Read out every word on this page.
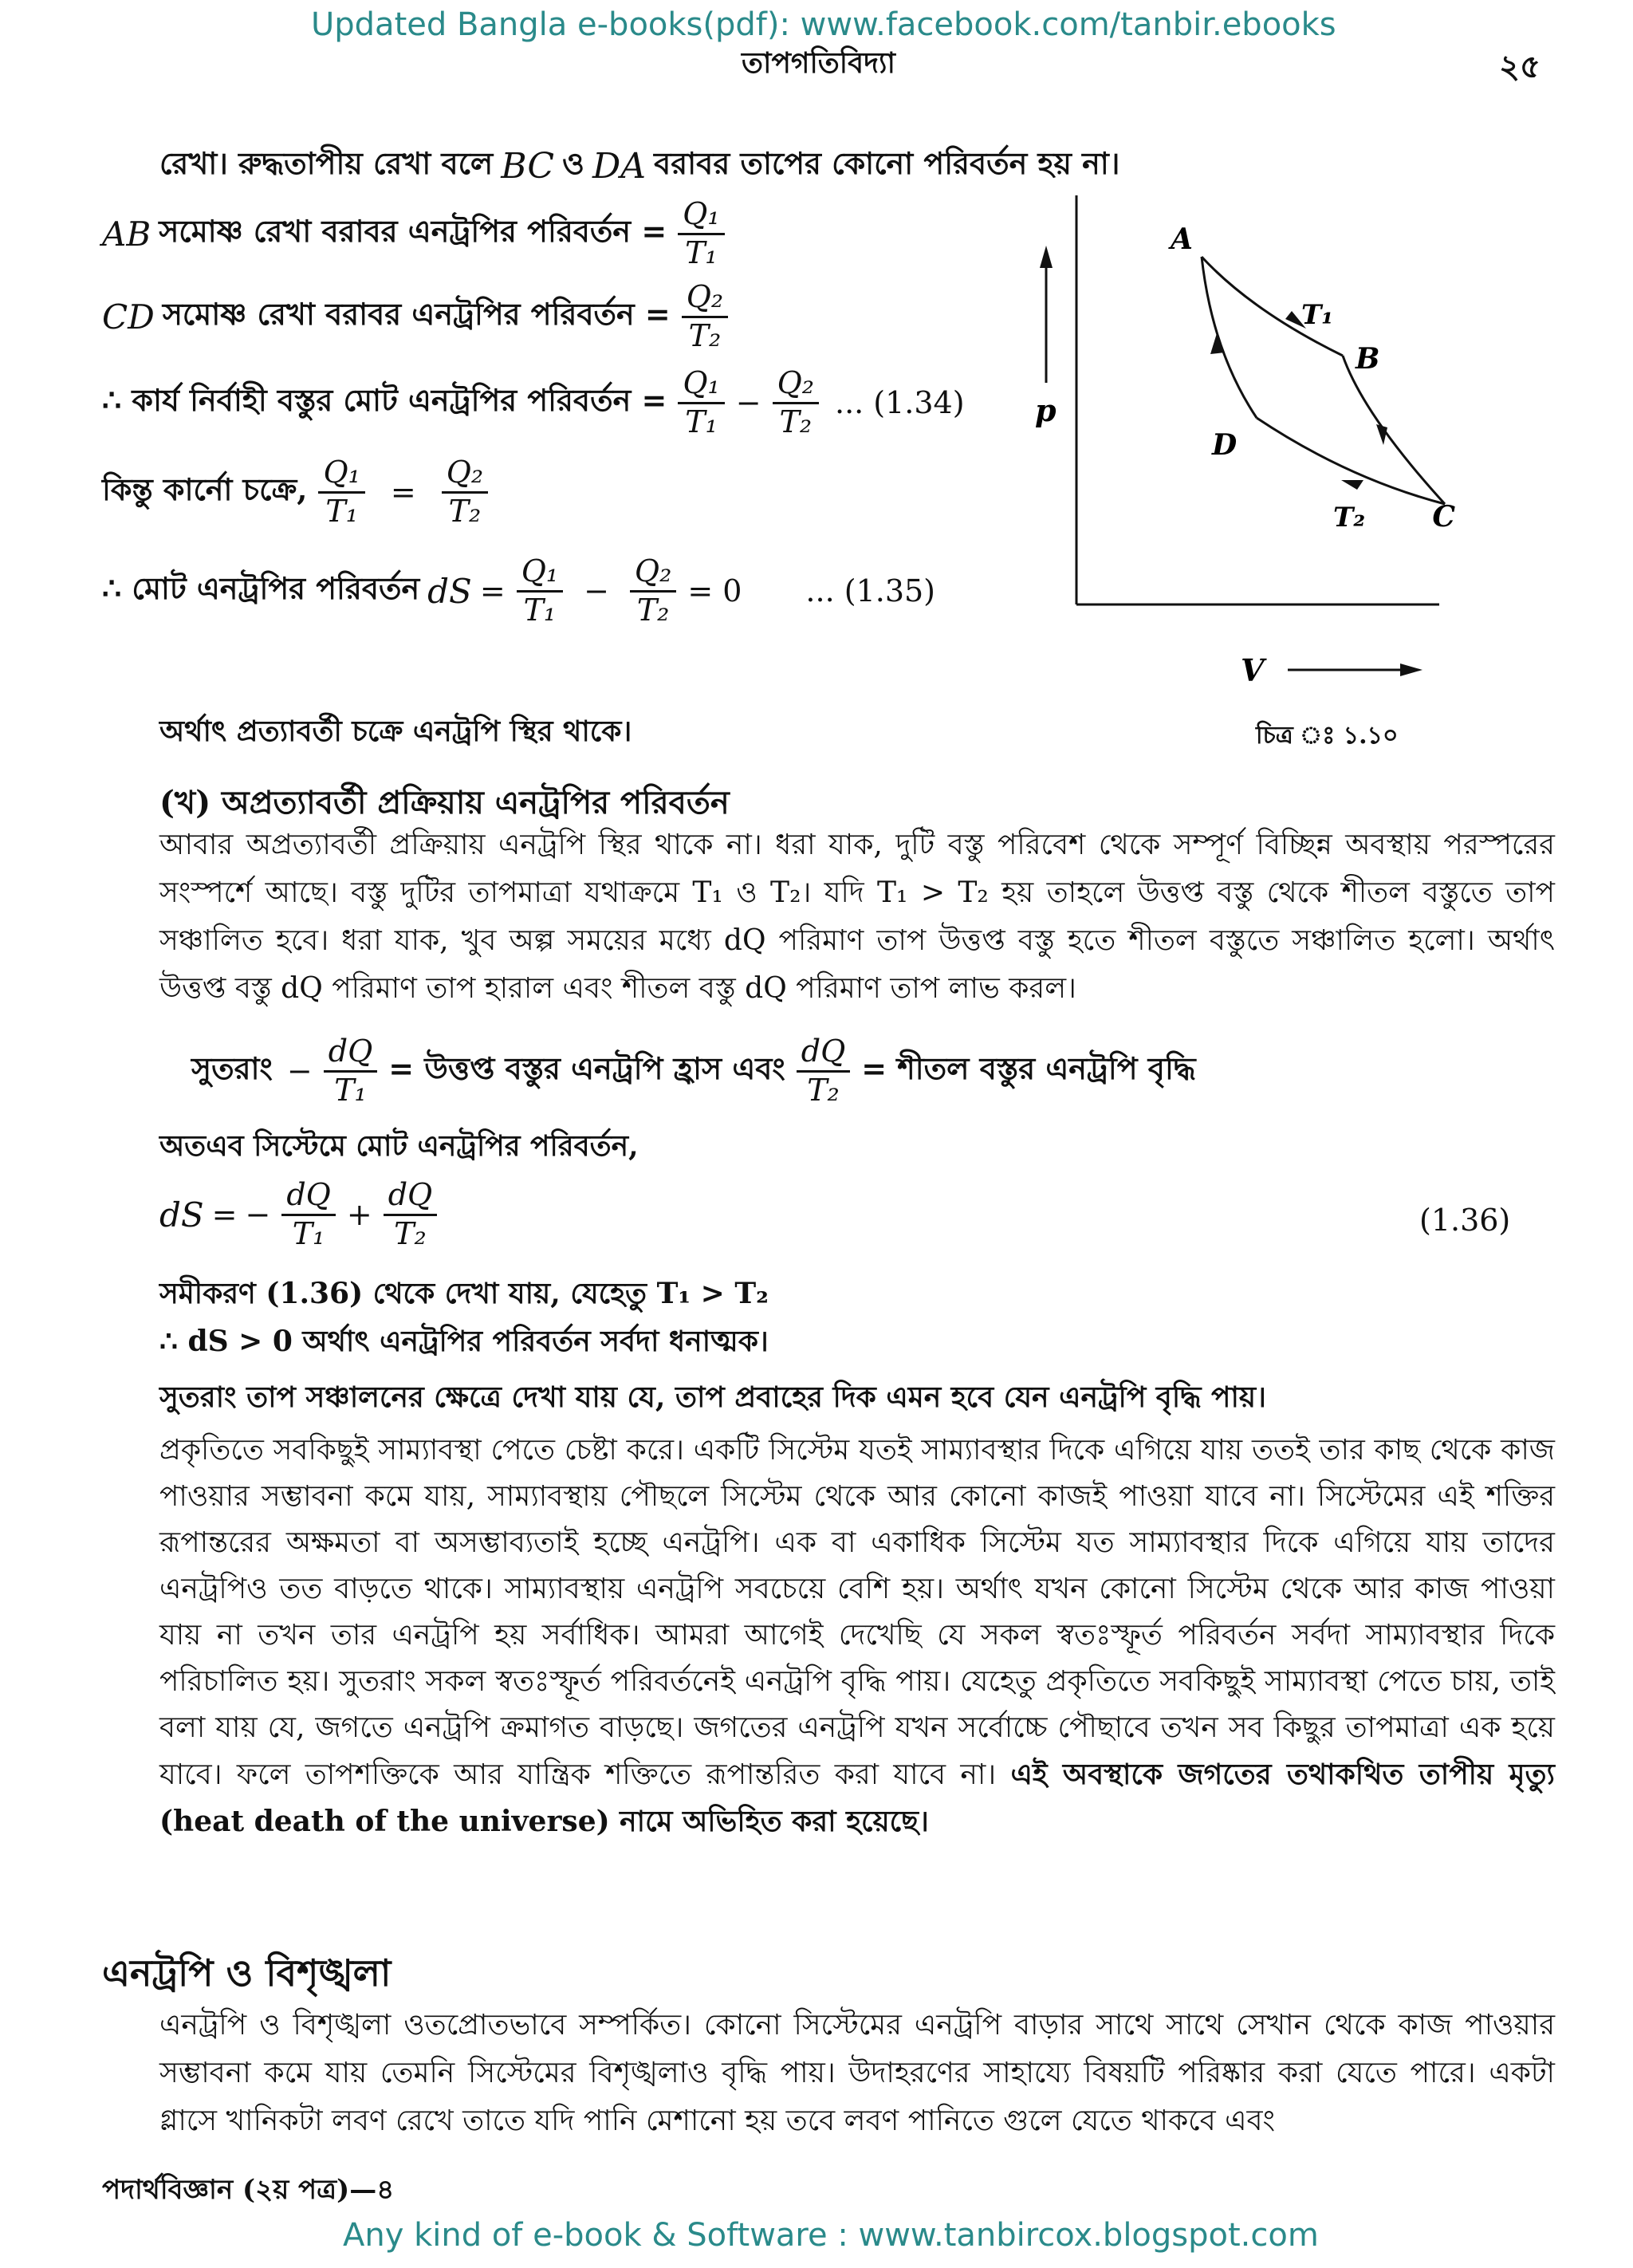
Updated Bangla e-books(pdf): www.facebook.com/tanbir.ebooks
তাপগতিবিদ্যা	২৫
রেখা। রুদ্ধতাপীয় রেখা বলে BC ও DA বরাবর তাপের কোনো পরিবর্তন হয় না।
AB সমোষ্ণ রেখা বরাবর এনট্রপির পরিবর্তন = $\frac{\text{Q₁}}{\text{T₁}}$
CD সমোষ্ণ রেখা বরাবর এনট্রপির পরিবর্তন = $\frac{\text{Q₂}}{\text{T₂}}$
∴ কার্য নির্বাহী বস্তুর মোট এনট্রপির পরিবর্তন = $\frac{\text{Q₁}}{\text{T₁}} - \frac{\text{Q₂}}{\text{T₂}}$ ... (1.34)
কিন্তু কার্নো চক্রে, $\frac{\text{Q₁}}{\text{T₁}} = \frac{\text{Q₂}}{\text{T₂}}$
∴ মোট এনট্রপির পরিবর্তন dS = $\frac{\text{Q₁}}{\text{T₁}} - \frac{\text{Q₂}}{\text{T₂}} = 0$ ... (1.35)
অর্থাৎ প্রত্যাবর্তী চক্রে এনট্রপি স্থির থাকে।
A
B
C
D
T₁
T₂
p
V
চিত্র ঃ ১.১০
(খ) অপ্রত্যাবর্তী প্রক্রিয়ায় এনট্রপির পরিবর্তন
আবার অপ্রত্যাবর্তী প্রক্রিয়ায় এনট্রপি স্থির থাকে না। ধরা যাক, দুটি বস্তু পরিবেশ থেকে সম্পূর্ণ বিচ্ছিন্ন অবস্থায় পরস্পরের সংস্পর্শে আছে। বস্তু দুটির তাপমাত্রা যথাক্রমে T₁ ও T₂। যদি T₁ > T₂ হয় তাহলে উত্তপ্ত বস্তু থেকে শীতল বস্তুতে তাপ সঞ্চালিত হবে। ধরা যাক, খুব অল্প সময়ের মধ্যে dQ পরিমাণ তাপ উত্তপ্ত বস্তু হতে শীতল বস্তুতে সঞ্চালিত হলো। অর্থাৎ উত্তপ্ত বস্তু dQ পরিমাণ তাপ হারাল এবং শীতল বস্তু dQ পরিমাণ তাপ লাভ করল।
সুতরাং − $\frac{dQ}{\text{T₁}}$ = উত্তপ্ত বস্তুর এনট্রপি হ্রাস এবং $\frac{dQ}{\text{T₂}}$ = শীতল বস্তুর এনট্রপি বৃদ্ধি
অতএব সিস্টেমে মোট এনট্রপির পরিবর্তন,
dS = − $\frac{dQ}{\text{T₁}} + \frac{dQ}{\text{T₂}}$	(1.36)
সমীকরণ (1.36) থেকে দেখা যায়, যেহেতু T₁ > T₂
∴ dS > 0 অর্থাৎ এনট্রপির পরিবর্তন সর্বদা ধনাত্মক।
সুতরাং তাপ সঞ্চালনের ক্ষেত্রে দেখা যায় যে, তাপ প্রবাহের দিক এমন হবে যেন এনট্রপি বৃদ্ধি পায়।
প্রকৃতিতে সবকিছুই সাম্যাবস্থা পেতে চেষ্টা করে। একটি সিস্টেম যতই সাম্যাবস্থার দিকে এগিয়ে যায় ততই তার কাছ থেকে কাজ পাওয়ার সম্ভাবনা কমে যায়, সাম্যাবস্থায় পৌছলে সিস্টেম থেকে আর কোনো কাজই পাওয়া যাবে না। সিস্টেমের এই শক্তির রূপান্তরের অক্ষমতা বা অসম্ভাব্যতাই হচ্ছে এনট্রপি। এক বা একাধিক সিস্টেম যত সাম্যাবস্থার দিকে এগিয়ে যায় তাদের এনট্রপিও তত বাড়তে থাকে। সাম্যাবস্থায় এনট্রপি সবচেয়ে বেশি হয়। অর্থাৎ যখন কোনো সিস্টেম থেকে আর কাজ পাওয়া যায় না তখন তার এনট্রপি হয় সর্বাধিক। আমরা আগেই দেখেছি যে সকল স্বতঃস্ফূর্ত পরিবর্তন সর্বদা সাম্যাবস্থার দিকে পরিচালিত হয়। সুতরাং সকল স্বতঃস্ফূর্ত পরিবর্তনেই এনট্রপি বৃদ্ধি পায়। যেহেতু প্রকৃতিতে সবকিছুই সাম্যাবস্থা পেতে চায়, তাই বলা যায় যে, জগতে এনট্রপি ক্রমাগত বাড়ছে। জগতের এনট্রপি যখন সর্বোচ্চে পৌছাবে তখন সব কিছুর তাপমাত্রা এক হয়ে যাবে। ফলে তাপশক্তিকে আর যান্ত্রিক শক্তিতে রূপান্তরিত করা যাবে না। এই অবস্থাকে জগতের তথাকথিত তাপীয় মৃত্যু (heat death of the universe) নামে অভিহিত করা হয়েছে।
এনট্রপি ও বিশৃঙ্খলা
এনট্রপি ও বিশৃঙ্খলা ওতপ্রোতভাবে সম্পর্কিত। কোনো সিস্টেমের এনট্রপি বাড়ার সাথে সাথে সেখান থেকে কাজ পাওয়ার সম্ভাবনা কমে যায় তেমনি সিস্টেমের বিশৃঙ্খলাও বৃদ্ধি পায়। উদাহরণের সাহায্যে বিষয়টি পরিষ্কার করা যেতে পারে। একটা গ্লাসে খানিকটা লবণ রেখে তাতে যদি পানি মেশানো হয় তবে লবণ পানিতে গুলে যেতে থাকবে এবং
পদার্থবিজ্ঞান (২য় পত্র)—৪
Any kind of e-book & Software : www.tanbircox.blogspot.com
